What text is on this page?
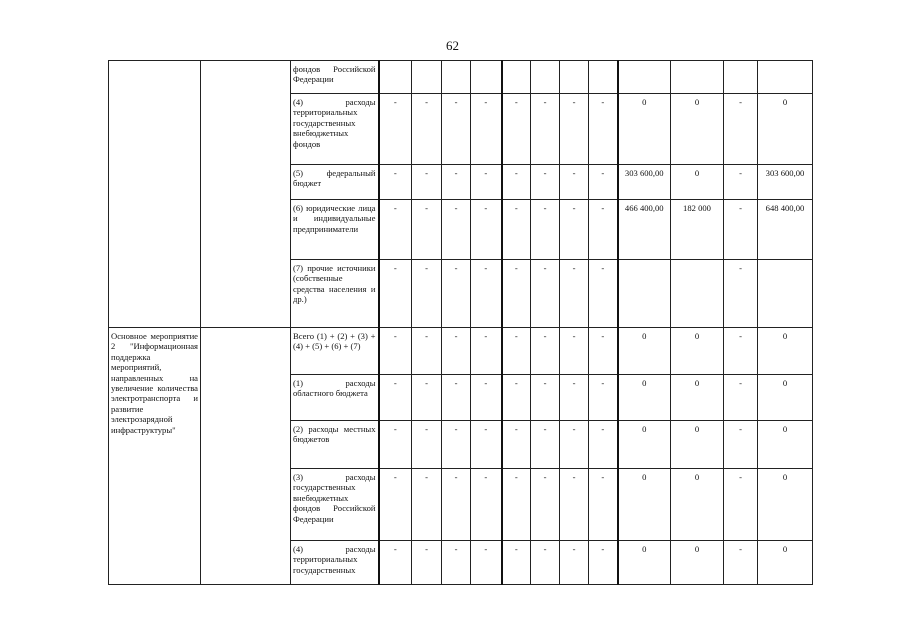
62
		фондов Российской Федерации												
		(4) расходы территориальных государственных внебюджетных фондов	-	-	-	-	-	-	-	-	0	0	-	0
		(5) федеральный бюджет	-	-	-	-	-	-	-	-	303 600,00	0	-	303 600,00
		(6) юридические лица и индивидуальные предприниматели	-	-	-	-	-	-	-	-	466 400,00	182 000	-	648 400,00
		(7) прочие источники (собственные средства населения и др.)	-	-	-	-	-	-	-	-			-	
Основное мероприятие 2 "Информационная поддержка мероприятий, направленных на увеличение количества электротранспорта и развитие электрозарядной инфраструктуры"		Всего (1) + (2) + (3) + (4) + (5) + (6) + (7)	-	-	-	-	-	-	-	-	0	0	-	0
		(1) расходы областного бюджета	-	-	-	-	-	-	-	-	0	0	-	0
		(2) расходы местных бюджетов	-	-	-	-	-	-	-	-	0	0	-	0
		(3) расходы государственных внебюджетных фондов Российской Федерации	-	-	-	-	-	-	-	-	0	0	-	0
		(4) расходы территориальных государственных	-	-	-	-	-	-	-	-	0	0	-	0
